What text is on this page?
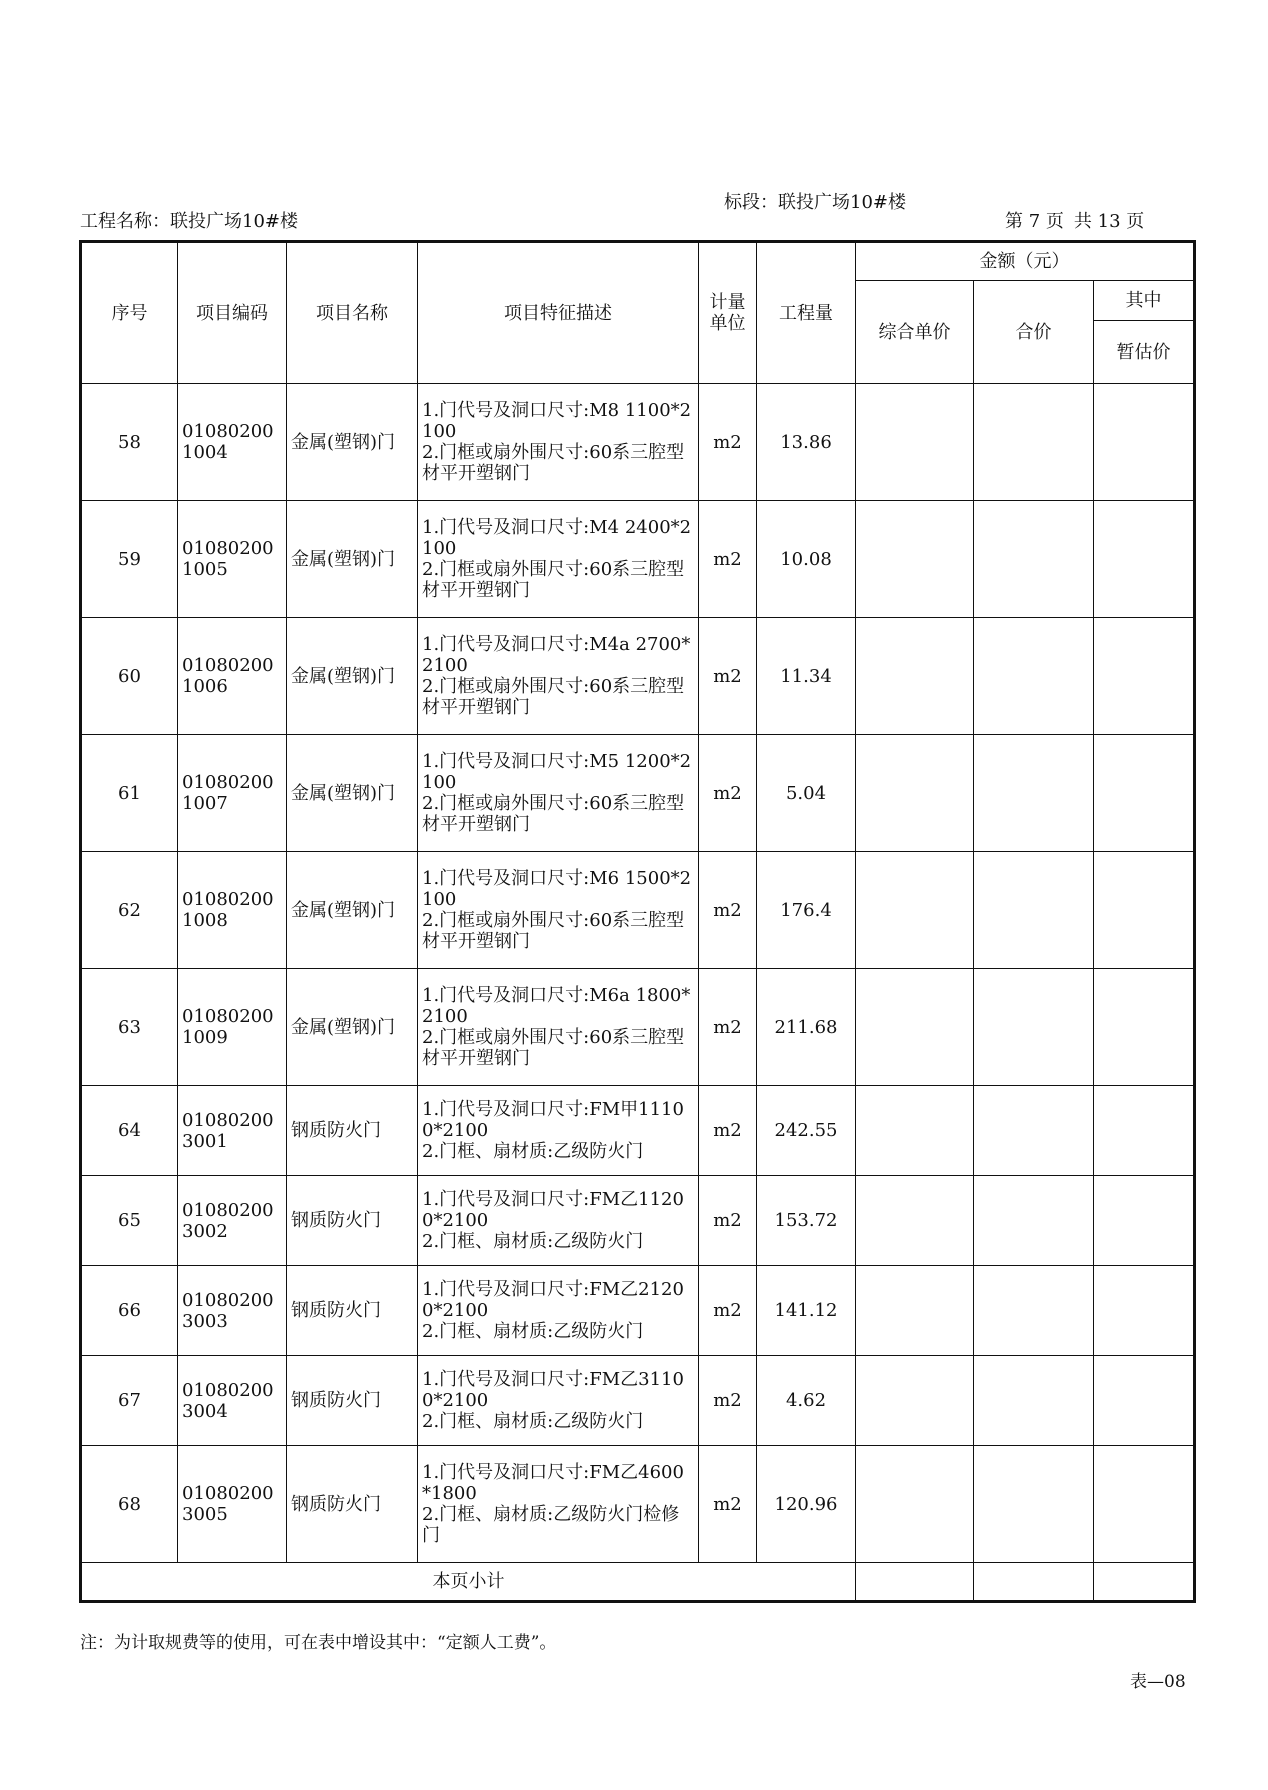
工程名称：联投广场10#楼
标段：联投广场10#楼
第 7 页 共 13 页
序号	项目编码	项目名称	项目特征描述	计量单位	工程量	金额（元）		
						综合单价	合价	其中
								暂估价
58	010802001004	金属(塑钢)门	1.门代号及洞口尺寸:M8 1100*2100
2.门框或扇外围尺寸:60系三腔型材平开塑钢门	m2	13.86			
59	010802001005	金属(塑钢)门	1.门代号及洞口尺寸:M4 2400*2100
2.门框或扇外围尺寸:60系三腔型材平开塑钢门	m2	10.08			
60	010802001006	金属(塑钢)门	1.门代号及洞口尺寸:M4a 2700*2100
2.门框或扇外围尺寸:60系三腔型材平开塑钢门	m2	11.34			
61	010802001007	金属(塑钢)门	1.门代号及洞口尺寸:M5 1200*2100
2.门框或扇外围尺寸:60系三腔型材平开塑钢门	m2	5.04			
62	010802001008	金属(塑钢)门	1.门代号及洞口尺寸:M6 1500*2100
2.门框或扇外围尺寸:60系三腔型材平开塑钢门	m2	176.4			
63	010802001009	金属(塑钢)门	1.门代号及洞口尺寸:M6a 1800*2100
2.门框或扇外围尺寸:60系三腔型材平开塑钢门	m2	211.68			
64	010802003001	钢质防火门	1.门代号及洞口尺寸:FM甲11100*2100
2.门框、扇材质:乙级防火门	m2	242.55			
65	010802003002	钢质防火门	1.门代号及洞口尺寸:FM乙11200*2100
2.门框、扇材质:乙级防火门	m2	153.72			
66	010802003003	钢质防火门	1.门代号及洞口尺寸:FM乙21200*2100
2.门框、扇材质:乙级防火门	m2	141.12			
67	010802003004	钢质防火门	1.门代号及洞口尺寸:FM乙31100*2100
2.门框、扇材质:乙级防火门	m2	4.62			
68	010802003005	钢质防火门	1.门代号及洞口尺寸:FM乙4600*1800
2.门框、扇材质:乙级防火门检修门	m2	120.96			
本页小计								
注：为计取规费等的使用，可在表中增设其中：“定额人工费”。
表—08
